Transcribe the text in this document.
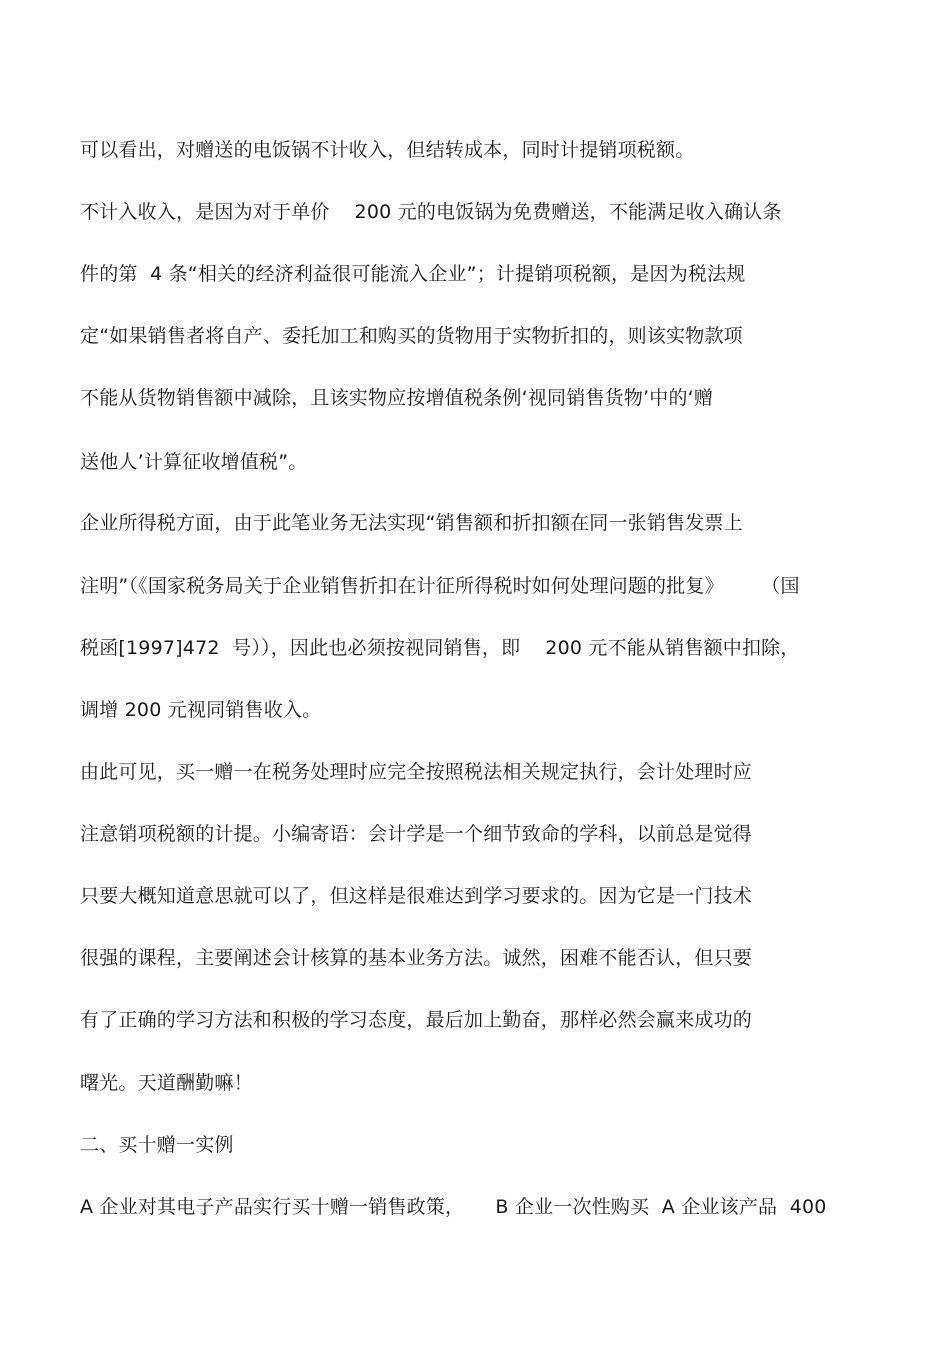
可以看出，对赠送的电饭锅不计收入，但结转成本，同时计提销项税额。

不计入收入，是因为对于单价    200 元的电饭锅为免费赠送，不能满足收入确认条

件的第  4 条“相关的经济利益很可能流入企业”；计提销项税额，是因为税法规

定“如果销售者将自产、委托加工和购买的货物用于实物折扣的，则该实物款项

不能从货物销售额中减除，且该实物应按增值税条例‘视同销售货物’中的‘赠

送他人’计算征收增值税”。

企业所得税方面，由于此笔业务无法实现“销售额和折扣额在同一张销售发票上

注明”（《国家税务局关于企业销售折扣在计征所得税时如何处理问题的批复》      （国

税函[1997]472  号）），因此也必须按视同销售，即    200 元不能从销售额中扣除，

调增 200 元视同销售收入。

由此可见，买一赠一在税务处理时应完全按照税法相关规定执行，会计处理时应

注意销项税额的计提。小编寄语：会计学是一个细节致命的学科，以前总是觉得

只要大概知道意思就可以了，但这样是很难达到学习要求的。因为它是一门技术

很强的课程，主要阐述会计核算的基本业务方法。诚然，困难不能否认，但只要

有了正确的学习方法和积极的学习态度，最后加上勤奋，那样必然会赢来成功的

曙光。天道酬勤嘛！

二、买十赠一实例

A 企业对其电子产品实行买十赠一销售政策，     B 企业一次性购买  A 企业该产品  400
